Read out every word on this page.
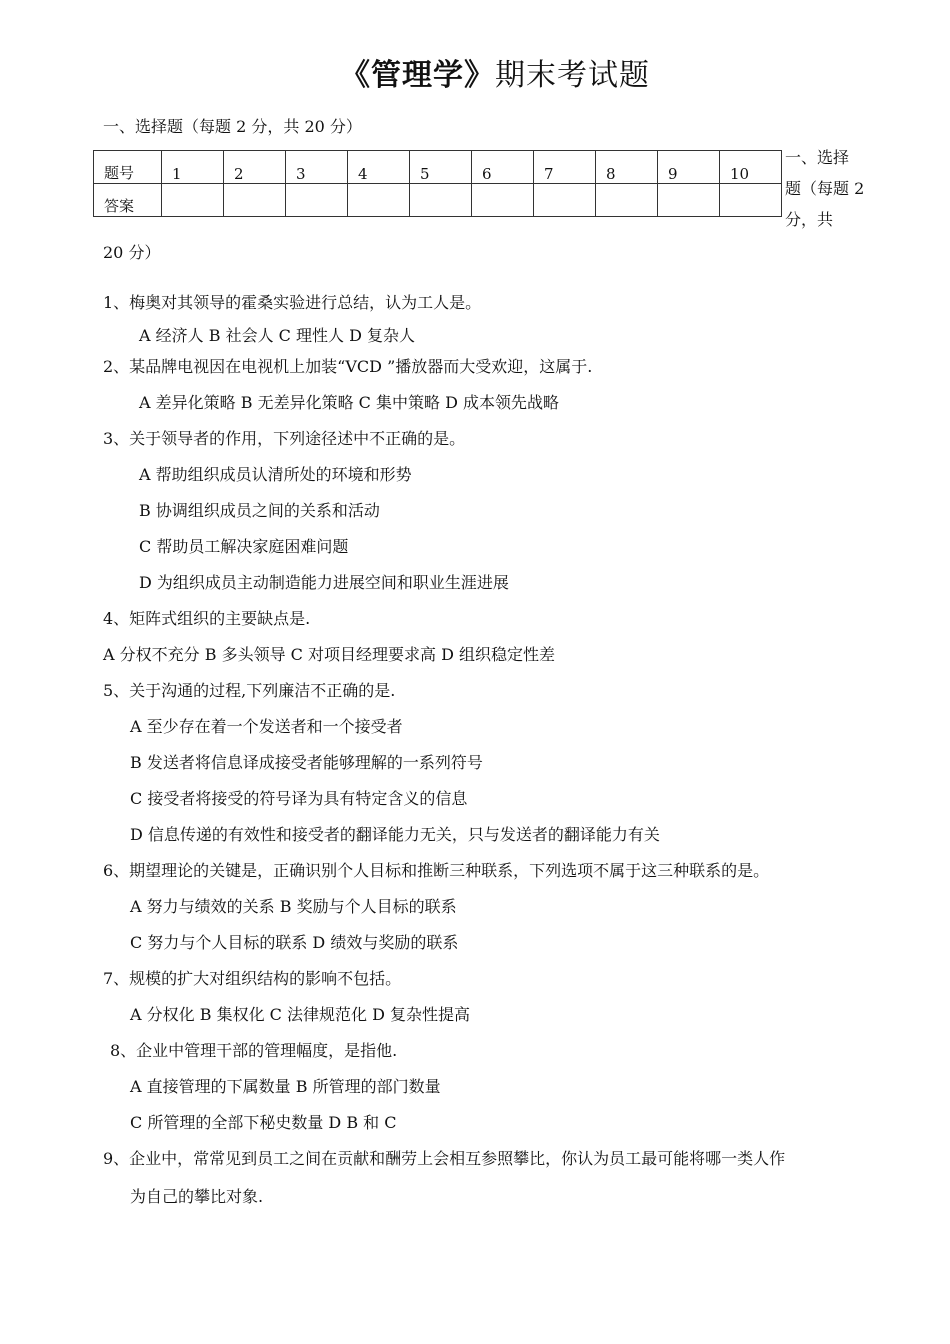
《管理学》期末考试题
一、选择题（每题 2 分，共 20 分）
题号	1	2	3	4	5	6	7	8	9	10
答案										
一、选择
题（每题 2
分，共
20 分）
1、梅奥对其领导的霍桑实验进行总结，认为工人是。
A 经济人 B 社会人 C 理性人 D 复杂人
2、某品牌电视因在电视机上加装“VCD ”播放器而大受欢迎，这属于.
A 差异化策略 B 无差异化策略 C 集中策略 D 成本领先战略
3、关于领导者的作用，下列途径述中不正确的是。
A 帮助组织成员认清所处的环境和形势
B 协调组织成员之间的关系和活动
C 帮助员工解决家庭困难问题
D 为组织成员主动制造能力进展空间和职业生涯进展
4、矩阵式组织的主要缺点是.
A 分权不充分 B 多头领导 C 对项目经理要求高 D 组织稳定性差
5、关于沟通的过程,下列廉洁不正确的是.
A 至少存在着一个发送者和一个接受者
B 发送者将信息译成接受者能够理解的一系列符号
C 接受者将接受的符号译为具有特定含义的信息
D 信息传递的有效性和接受者的翻译能力无关，只与发送者的翻译能力有关
6、期望理论的关键是，正确识别个人目标和推断三种联系，下列选项不属于这三种联系的是。
A 努力与绩效的关系 B 奖励与个人目标的联系
C 努力与个人目标的联系 D 绩效与奖励的联系
7、规模的扩大对组织结构的影响不包括。
A 分权化 B 集权化 C 法律规范化 D 复杂性提高
8、企业中管理干部的管理幅度，是指他.
A 直接管理的下属数量 B 所管理的部门数量
C 所管理的全部下秘史数量 D B 和 C
9、企业中，常常见到员工之间在贡献和酬劳上会相互参照攀比，你认为员工最可能将哪一类人作
为自己的攀比对象.
